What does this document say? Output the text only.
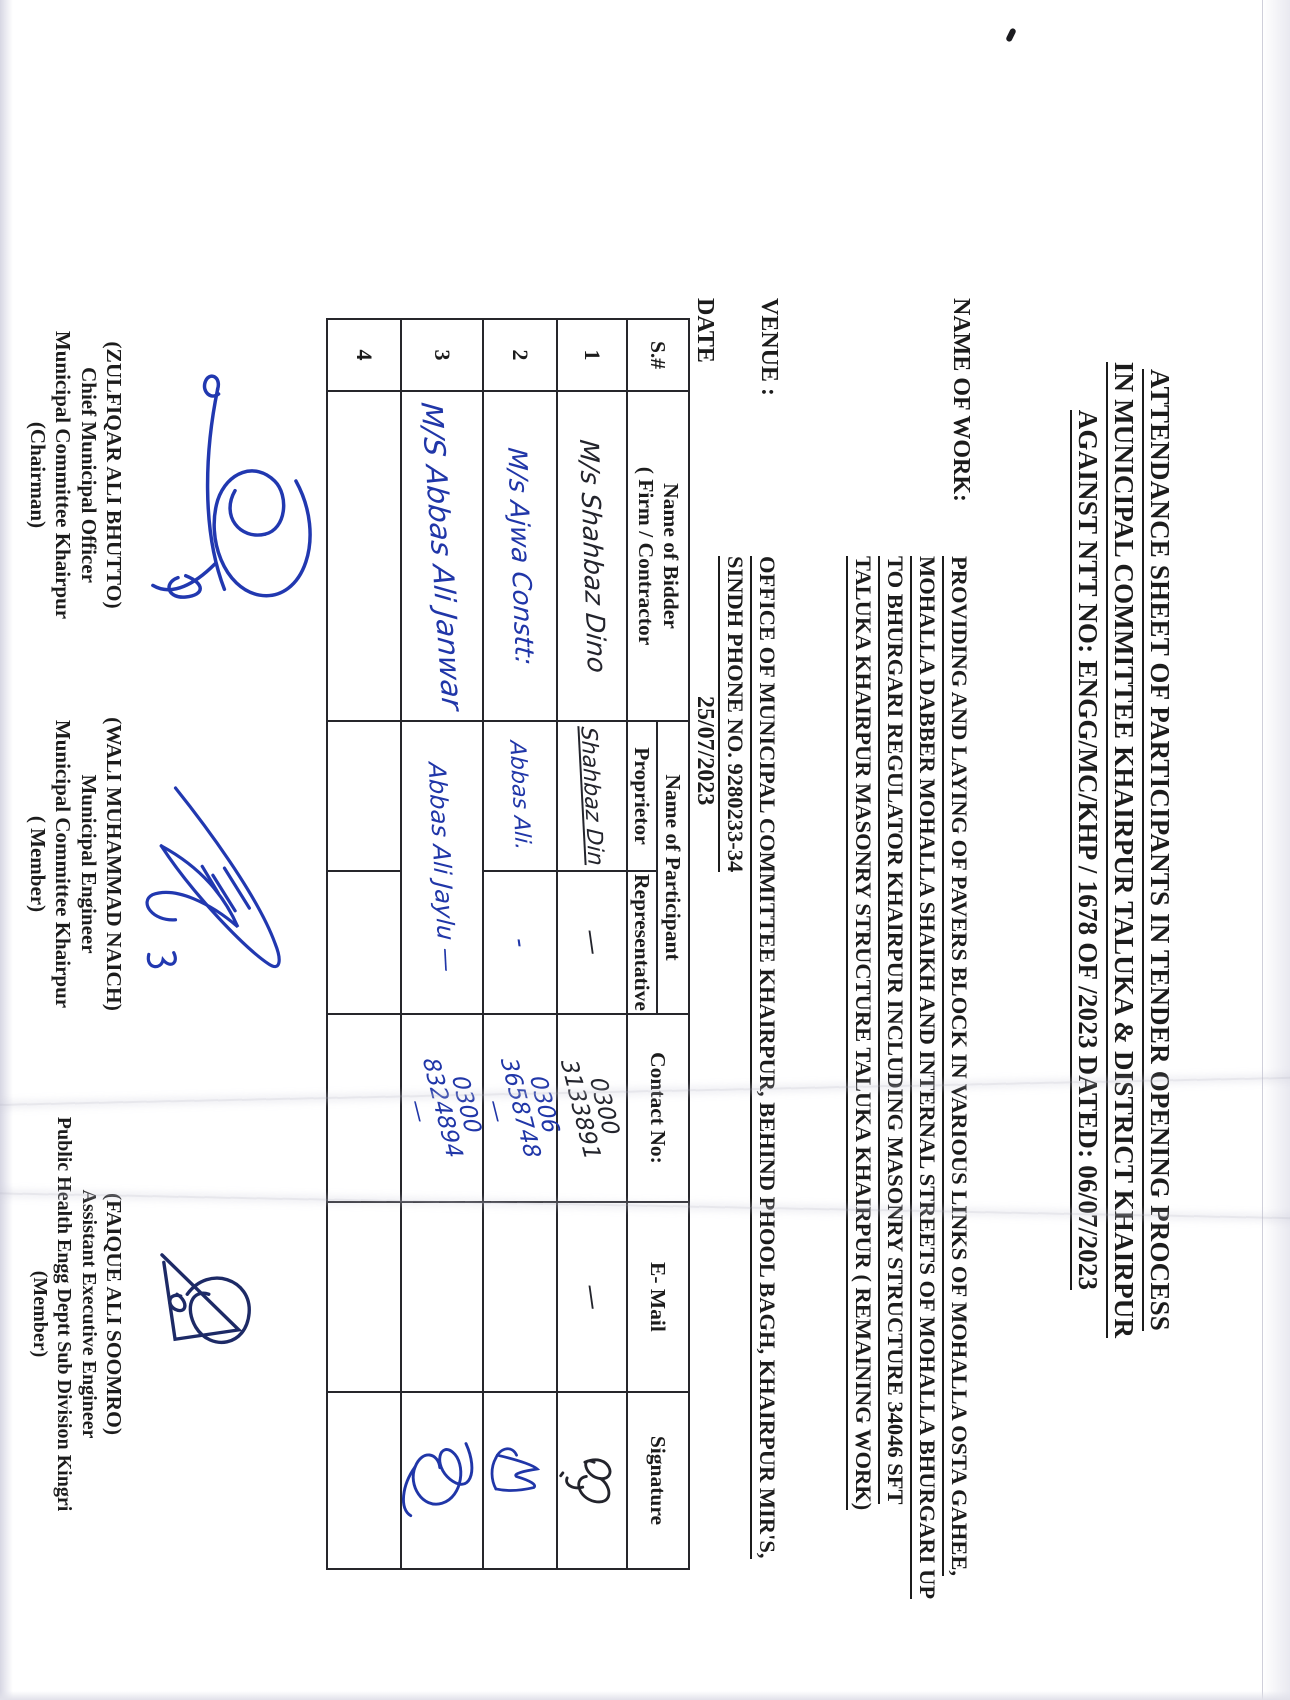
ATTENDANCE SHEET OF PARTICIPANTS IN TENDER OPENING PROCESS
IN MUNICIPAL COMMITTEE KHAIRPUR TALUKA & DISTRICT KHAIRPUR
AGAINST NTT NO: ENGG/MC/KHP / 1678 OF /2023 DATED: 06/07/2023
NAME OF WORK:
PROVIDING AND LAYING OF PAVERS BLOCK IN VARIOUS LINKS OF MOHALLA OSTA GAHEE,
MOHALLA DABBER MOHALLA SHAIKH AND INTERNAL STREETS OF MOHALLA BHURGARI UP
TO BHURGARI REGULATOR KHAIRPUR INCLUDING MASONRY STRUCTURE 34046 SFT
TALUKA KHAIRPUR MASONRY STRUCTURE TALUKA KHAIRPUR ( REMAINING WORK)
VENUE :
OFFICE OF MUNICIPAL COMMITTEE KHAIRPUR, BEHIND PHOOL BAGH, KHAIRPUR MIR'S,
SINDH PHONE NO. 9280233-34
DATE
25/07/2023
S.#	Name of Bidder
( Firm / Contractor	Name of Participant		Contact No:	E- Mail	Signature
		Proprietor	Representative			
1	M/s Shahbaz Dino	Shahbaz Din	—	0300 3133891	—	

2	M/s Ajwa Constt:	Abbas Ali.	-	0306 3658748—		

3	M/S Abbas Ali Janwar	Abbas Ali Jaylu —		0300 8324894—		

4						
(ZULFIQAR ALI BHUTTO)
Chief Municipal Officer
Municipal Committee Khairpur
(Chairman)
(WALI MUHAMMAD NAICH)
Municipal Engineer
Municipal Committee Khairpur
( Member)
(FAIQUE ALI SOOMRO)
Assistant Executive Engineer
Public Health Engg Deptt Sub Division Kingri
(Member)
